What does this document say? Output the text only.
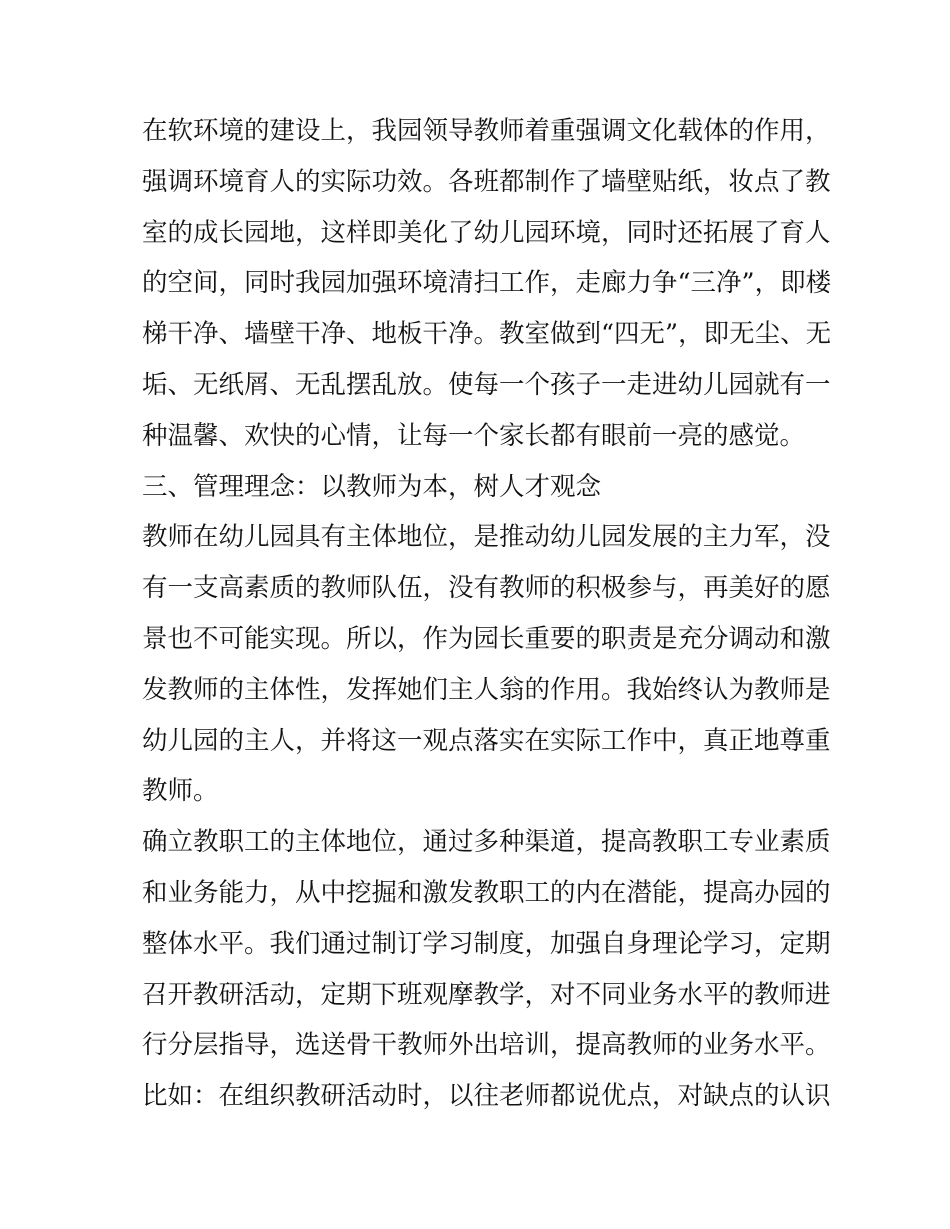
在软环境的建设上，我园领导教师着重强调文化载体的作用，
强调环境育人的实际功效。各班都制作了墙壁贴纸，妆点了教
室的成长园地，这样即美化了幼儿园环境，同时还拓展了育人
的空间，同时我园加强环境清扫工作，走廊力争“三净”，即楼
梯干净、墙壁干净、地板干净。教室做到“四无”，即无尘、无
垢、无纸屑、无乱摆乱放。使每一个孩子一走进幼儿园就有一
种温馨、欢快的心情，让每一个家长都有眼前一亮的感觉。
三、管理理念：以教师为本，树人才观念
教师在幼儿园具有主体地位，是推动幼儿园发展的主力军，没
有一支高素质的教师队伍，没有教师的积极参与，再美好的愿
景也不可能实现。所以，作为园长重要的职责是充分调动和激
发教师的主体性，发挥她们主人翁的作用。我始终认为教师是
幼儿园的主人，并将这一观点落实在实际工作中，真正地尊重
教师。
确立教职工的主体地位，通过多种渠道，提高教职工专业素质
和业务能力，从中挖掘和激发教职工的内在潜能，提高办园的
整体水平。我们通过制订学习制度，加强自身理论学习，定期
召开教研活动，定期下班观摩教学，对不同业务水平的教师进
行分层指导，选送骨干教师外出培训，提高教师的业务水平。
比如：在组织教研活动时，以往老师都说优点，对缺点的认识
